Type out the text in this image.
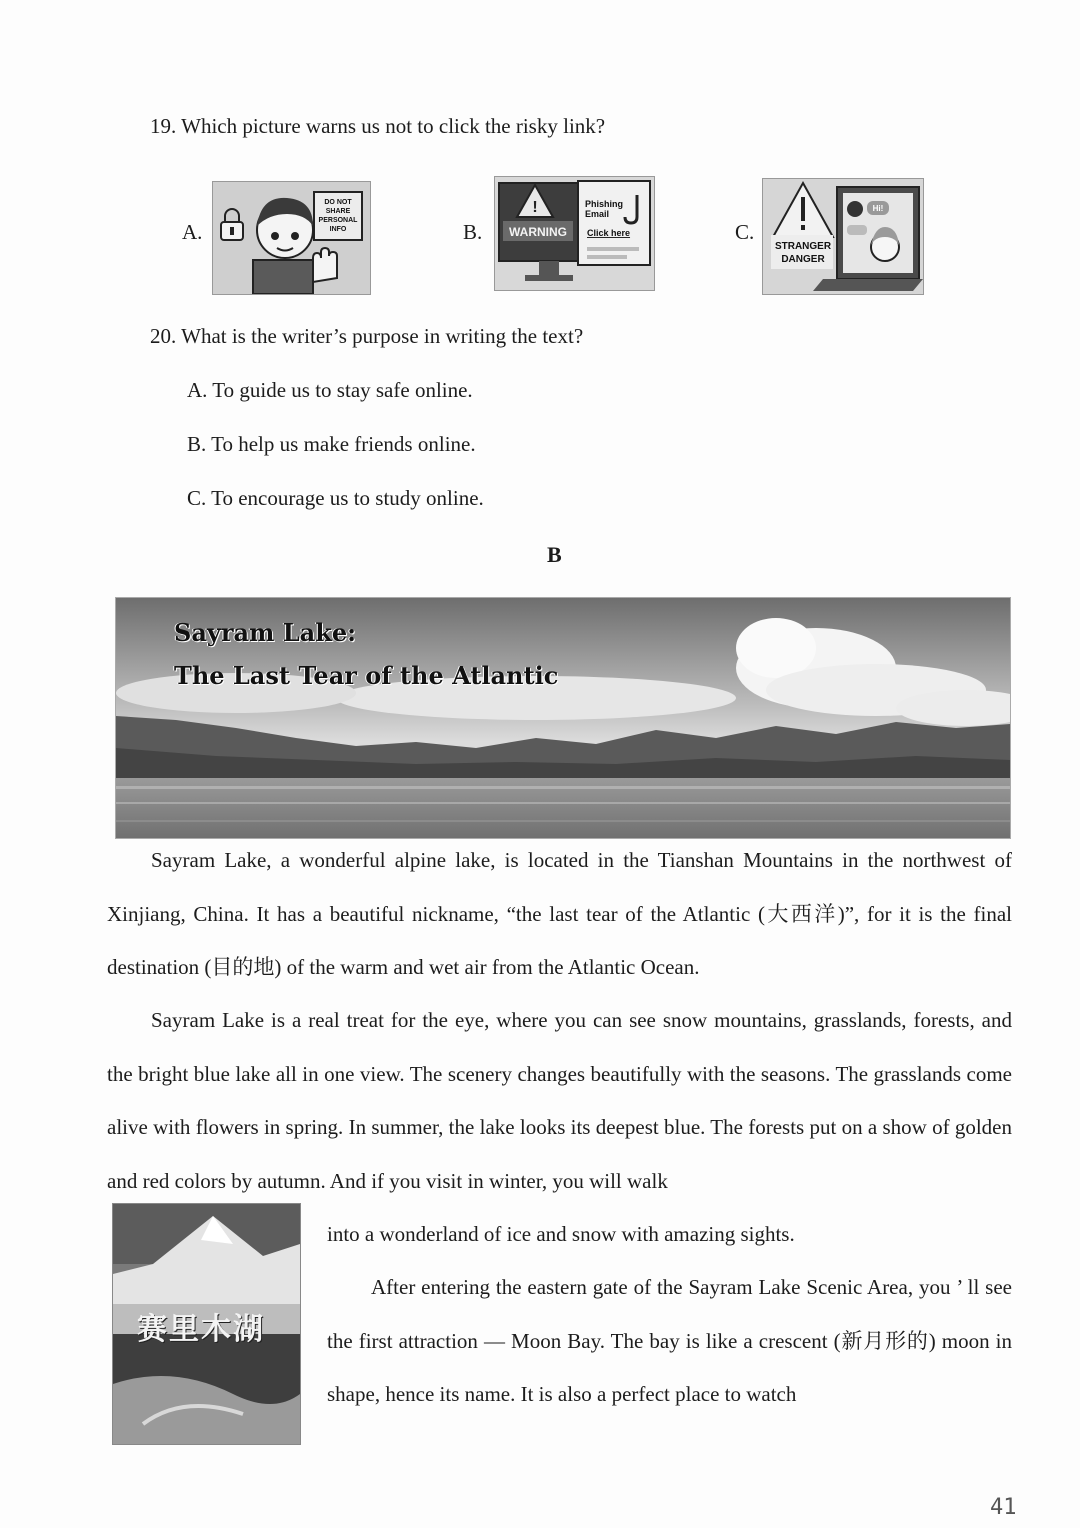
19. Which picture warns us not to click the risky link?
A.
DO NOT
SHARE
PERSONAL
INFO	B.
!
WARNING
Phishing
Email
Click here	C.
Hi!
STRANGER
DANGER
20. What is the writer’s purpose in writing the text?
A. To guide us to stay safe online.
B. To help us make friends online.
C. To encourage us to study online.
B
Sayram Lake:
The Last Tear of the Atlantic
Sayram Lake, a wonderful alpine lake, is located in the Tianshan Mountains in the northwest of Xinjiang, China. It has a beautiful nickname, “the last tear of the Atlantic (大西洋)”, for it is the final destination (目的地) of the warm and wet air from the Atlantic Ocean.
Sayram Lake is a real treat for the eye, where you can see snow mountains, grasslands, forests, and the bright blue lake all in one view. The scenery changes beautifully with the seasons. The grasslands come alive with flowers in spring. In summer, the lake looks its deepest blue. The forests put on a show of golden and red colors by autumn. And if you visit in winter, you will walk
赛里木湖
into a wonderland of ice and snow with amazing sights.
After entering the eastern gate of the Sayram Lake Scenic Area, you ’ ll see the first attraction — Moon Bay. The bay is like a crescent (新月形的) moon in shape, hence its name. It is also a perfect place to watch
41
